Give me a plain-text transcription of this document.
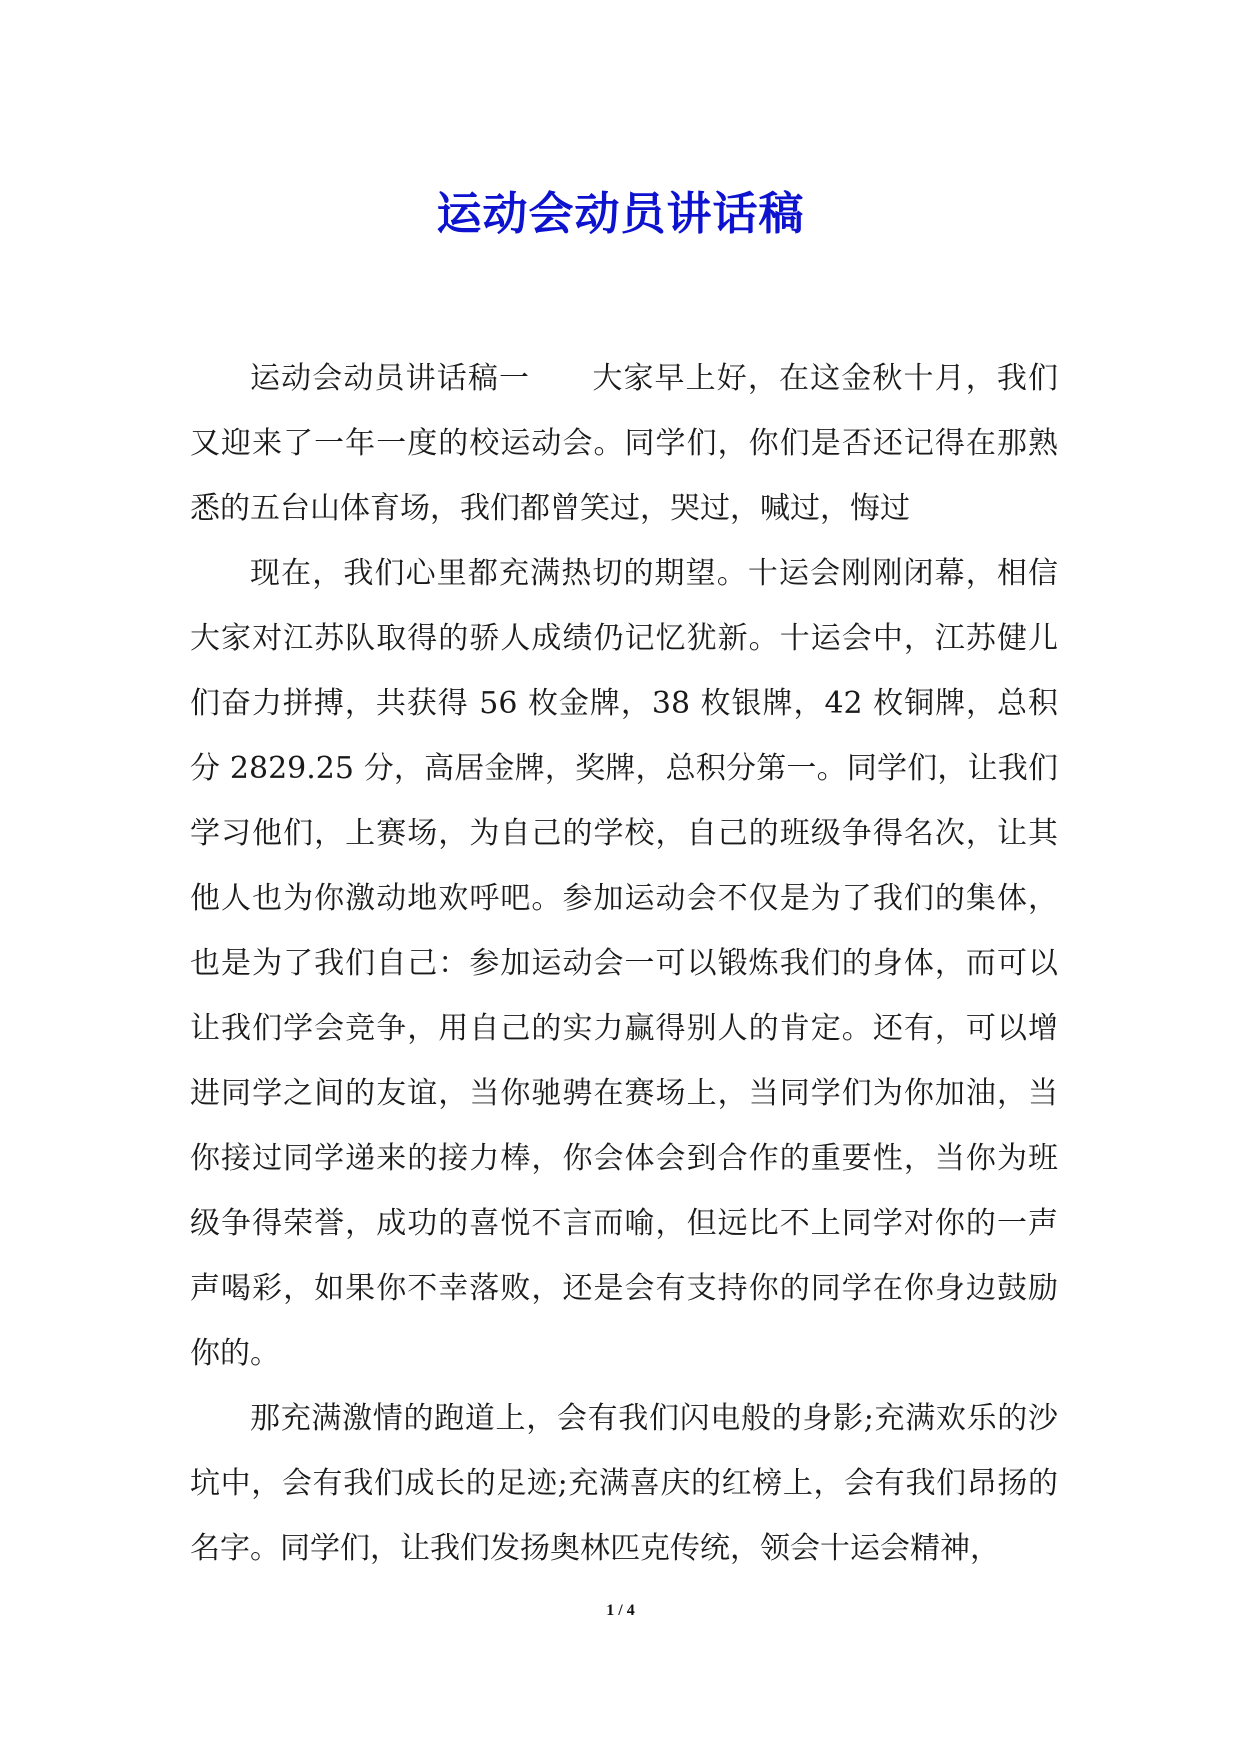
运动会动员讲话稿

运动会动员讲话稿一　　大家早上好，在这金秋十月，我们又迎来了一年一度的校运动会。同学们，你们是否还记得在那熟悉的五台山体育场，我们都曾笑过，哭过，喊过，悔过

现在，我们心里都充满热切的期望。十运会刚刚闭幕，相信大家对江苏队取得的骄人成绩仍记忆犹新。十运会中，江苏健儿们奋力拼搏，共获得 56 枚金牌，38 枚银牌，42 枚铜牌，总积分 2829.25 分，高居金牌，奖牌，总积分第一。同学们，让我们学习他们，上赛场，为自己的学校，自己的班级争得名次，让其他人也为你激动地欢呼吧。参加运动会不仅是为了我们的集体，也是为了我们自己：参加运动会一可以锻炼我们的身体，而可以让我们学会竞争，用自己的实力赢得别人的肯定。还有，可以增进同学之间的友谊，当你驰骋在赛场上，当同学们为你加油，当你接过同学递来的接力棒，你会体会到合作的重要性，当你为班级争得荣誉，成功的喜悦不言而喻，但远比不上同学对你的一声声喝彩，如果你不幸落败，还是会有支持你的同学在你身边鼓励你的。

那充满激情的跑道上，会有我们闪电般的身影;充满欢乐的沙坑中，会有我们成长的足迹;充满喜庆的红榜上，会有我们昂扬的名字。同学们，让我们发扬奥林匹克传统，领会十运会精神，

1 / 4
